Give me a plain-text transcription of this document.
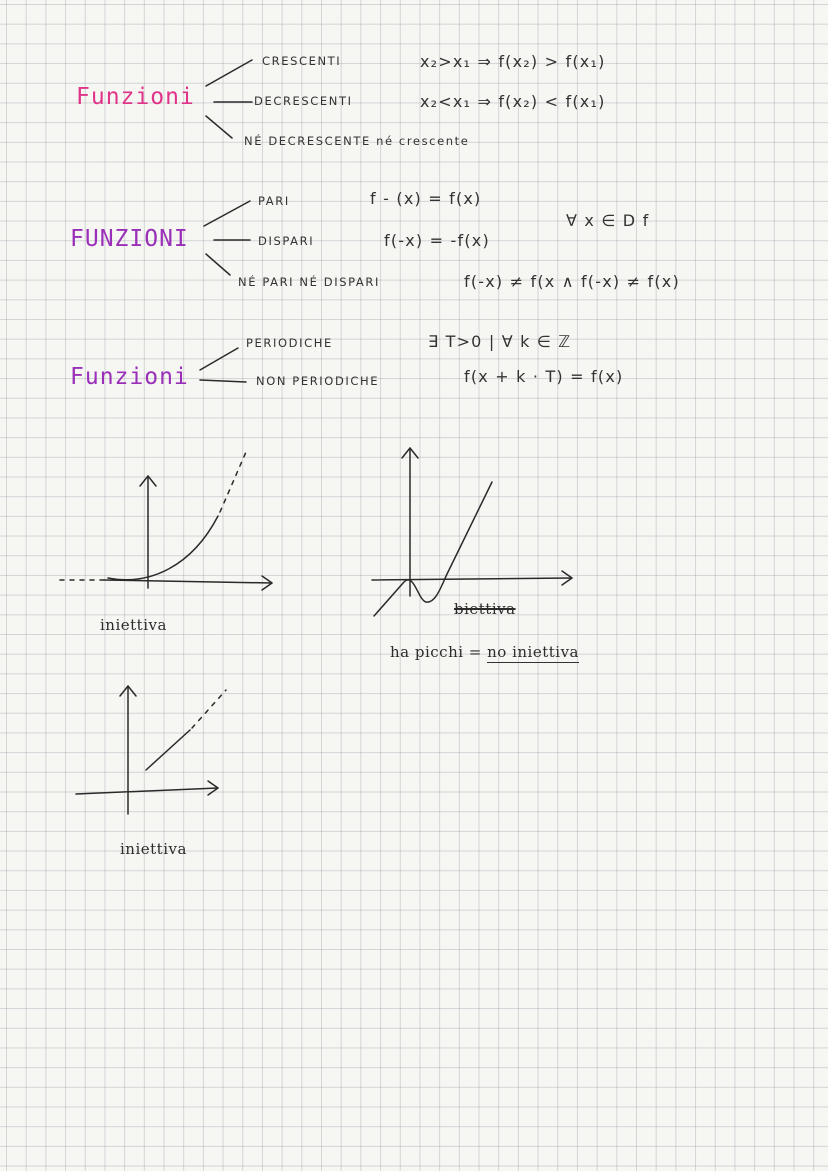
Funzioni
CRESCENTI
DECRESCENTI
NÉ DECRESCENTE né crescente
x₂>x₁ ⇒ f(x₂) > f(x₁)
x₂<x₁ ⇒ f(x₂) < f(x₁)
FUNZIONI
PARI
DISPARI
NÉ PARI NÉ DISPARI
f - (x) = f(x)
f(-x) = -f(x)
f(-x) ≠ f(x ∧ f(-x) ≠ f(x)
∀ x ∈ D f
Funzioni
PERIODICHE
NON PERIODICHE
∃ T>0 | ∀ k ∈ ℤ
f(x + k · T) = f(x)
iniettiva
biettiva
ha picchi = no iniettiva
iniettiva
